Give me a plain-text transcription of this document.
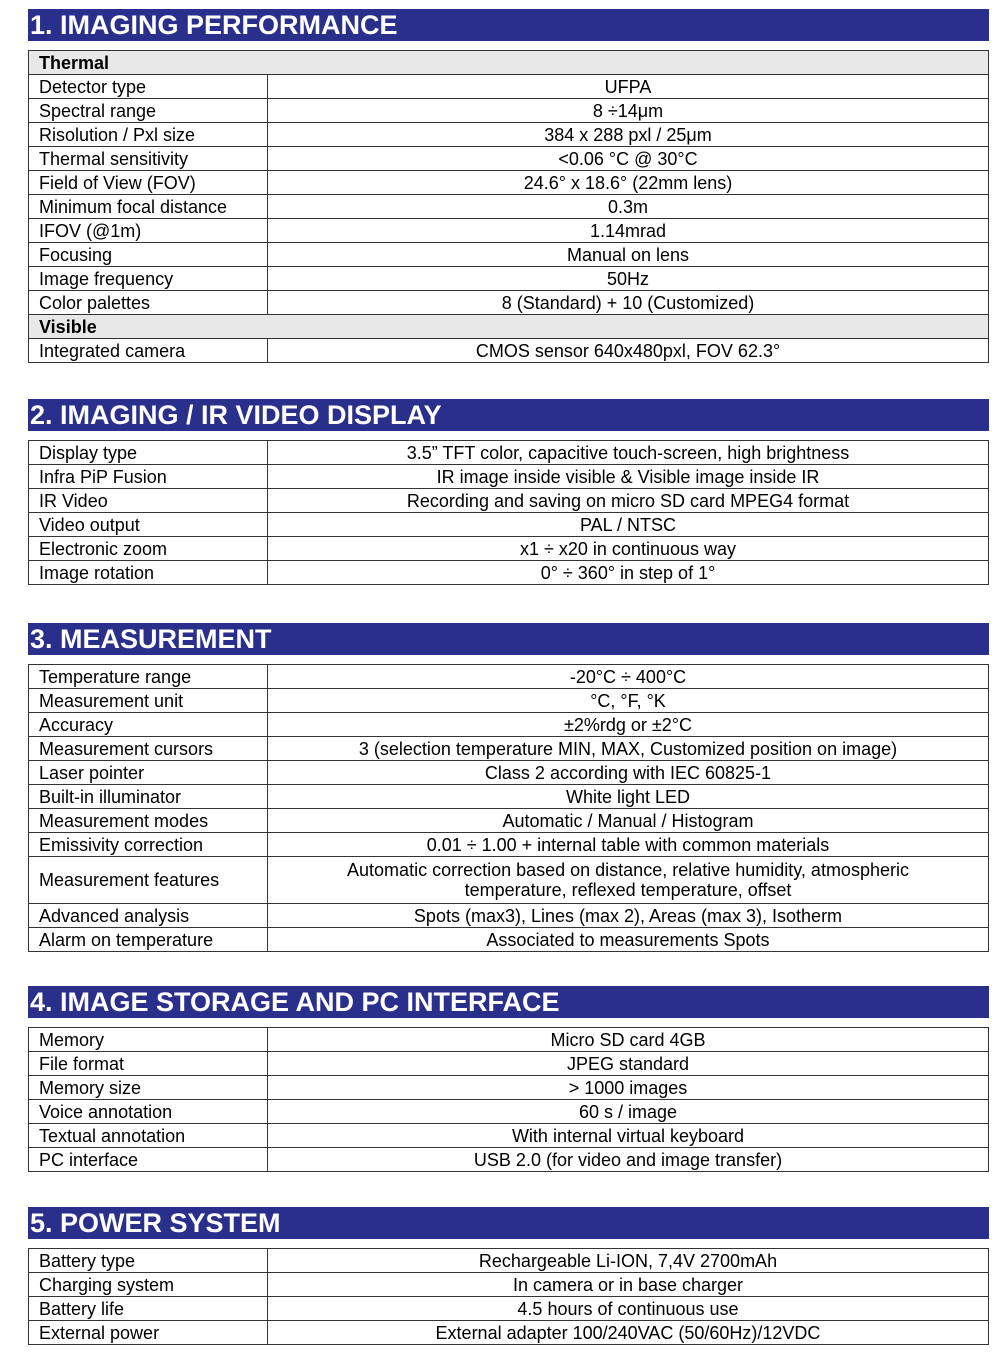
1. IMAGING PERFORMANCE
Thermal	
Detector type	UFPA
Spectral range	8 ÷14μm
Risolution / Pxl size	384 x 288 pxl / 25μm
Thermal sensitivity	<0.06 °C @ 30°C
Field of View (FOV)	24.6° x 18.6° (22mm lens)
Minimum focal distance	0.3m
IFOV (@1m)	1.14mrad
Focusing	Manual on lens
Image frequency	50Hz
Color palettes	8 (Standard) + 10 (Customized)
Visible	
Integrated camera	CMOS sensor 640x480pxl, FOV 62.3°
2. IMAGING / IR VIDEO DISPLAY
Display type	3.5” TFT color, capacitive touch-screen, high brightness
Infra PiP Fusion	IR image inside visible & Visible image inside IR
IR Video	Recording and saving on micro SD card MPEG4 format
Video output	PAL / NTSC
Electronic zoom	x1 ÷ x20 in continuous way
Image rotation	0° ÷ 360° in step of 1°
3. MEASUREMENT
Temperature range	-20°C ÷ 400°C
Measurement unit	°C, °F, °K
Accuracy	±2%rdg or ±2°C
Measurement cursors	3 (selection temperature MIN, MAX, Customized position on image)
Laser pointer	Class 2 according with IEC 60825-1
Built-in illuminator	White light LED
Measurement modes	Automatic / Manual / Histogram
Emissivity correction	0.01 ÷ 1.00 + internal table with common materials
Measurement features	Automatic correction based on distance, relative humidity, atmospheric
temperature, reflexed temperature, offset

Advanced analysis	Spots (max3), Lines (max 2), Areas (max 3), Isotherm
Alarm on temperature	Associated to measurements Spots
4. IMAGE STORAGE AND PC INTERFACE
Memory	Micro SD card 4GB
File format	JPEG standard
Memory size	> 1000 images
Voice annotation	60 s / image
Textual annotation	With internal virtual keyboard
PC interface	USB 2.0 (for video and image transfer)
5. POWER SYSTEM
Battery type	Rechargeable Li-ION, 7,4V 2700mAh
Charging system	In camera or in base charger
Battery life	4.5 hours of continuous use
External power	External adapter 100/240VAC (50/60Hz)/12VDC
